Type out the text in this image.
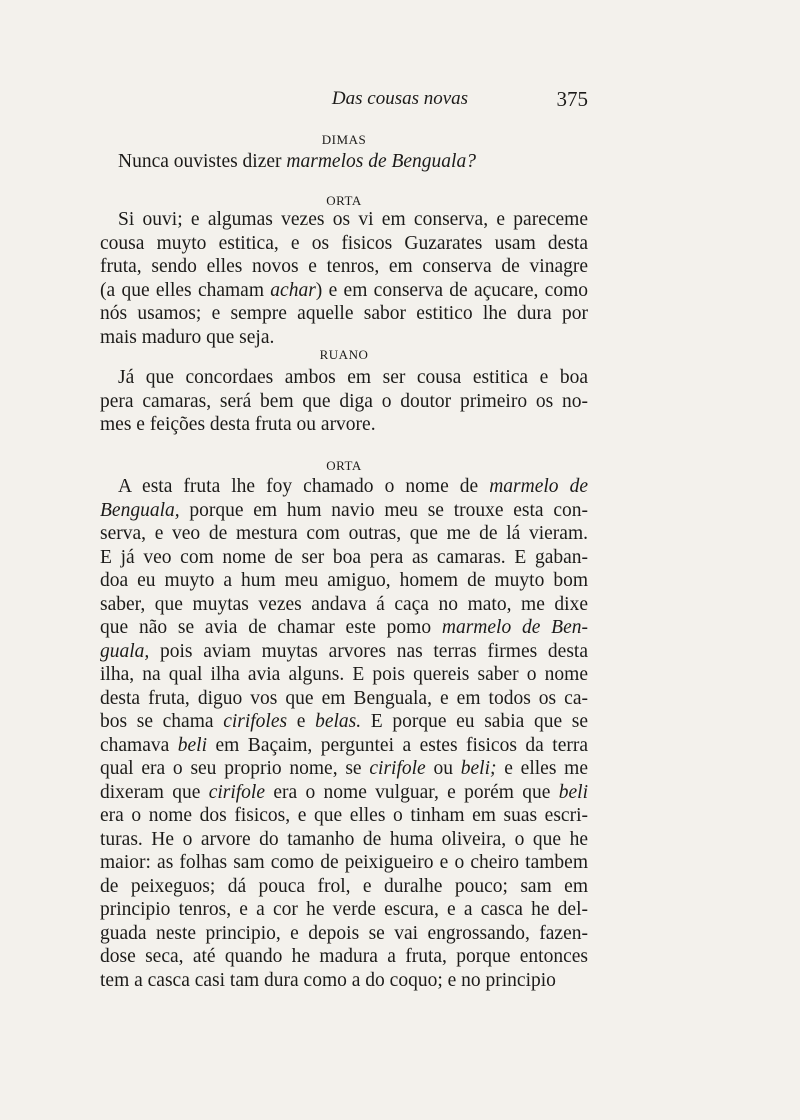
Das cousas novas	375
DIMAS
Nunca ouvistes dizer marmelos de Benguala?
ORTA
Si ouvi; e algumas vezes os vi em conserva, e pareceme
cousa muyto estitica, e os fisicos Guzarates usam desta
fruta, sendo elles novos e tenros, em conserva de vinagre
(a que elles chamam achar) e em conserva de açucare, como
nós usamos; e sempre aquelle sabor estitico lhe dura por
mais maduro que seja.
RUANO
Já que concordaes ambos em ser cousa estitica e boa
pera camaras, será bem que diga o doutor primeiro os no-
mes e feições desta fruta ou arvore.
ORTA
A esta fruta lhe foy chamado o nome de marmelo de
Benguala, porque em hum navio meu se trouxe esta con-
serva, e veo de mestura com outras, que me de lá vieram.
E já veo com nome de ser boa pera as camaras. E gaban-
doa eu muyto a hum meu amiguo, homem de muyto bom
saber, que muytas vezes andava á caça no mato, me dixe
que não se avia de chamar este pomo marmelo de Ben-
guala, pois aviam muytas arvores nas terras firmes desta
ilha, na qual ilha avia alguns. E pois quereis saber o nome
desta fruta, diguo vos que em Benguala, e em todos os ca-
bos se chama cirifoles e belas. E porque eu sabia que se
chamava beli em Baçaim, perguntei a estes fisicos da terra
qual era o seu proprio nome, se cirifole ou beli; e elles me
dixeram que cirifole era o nome vulguar, e porém que beli
era o nome dos fisicos, e que elles o tinham em suas escri-
turas. He o arvore do tamanho de huma oliveira, o que he
maior: as folhas sam como de peixigueiro e o cheiro tambem
de peixeguos; dá pouca frol, e duralhe pouco; sam em
principio tenros, e a cor he verde escura, e a casca he del-
guada neste principio, e depois se vai engrossando, fazen-
dose seca, até quando he madura a fruta, porque entonces
tem a casca casi tam dura como a do coquo; e no principio
